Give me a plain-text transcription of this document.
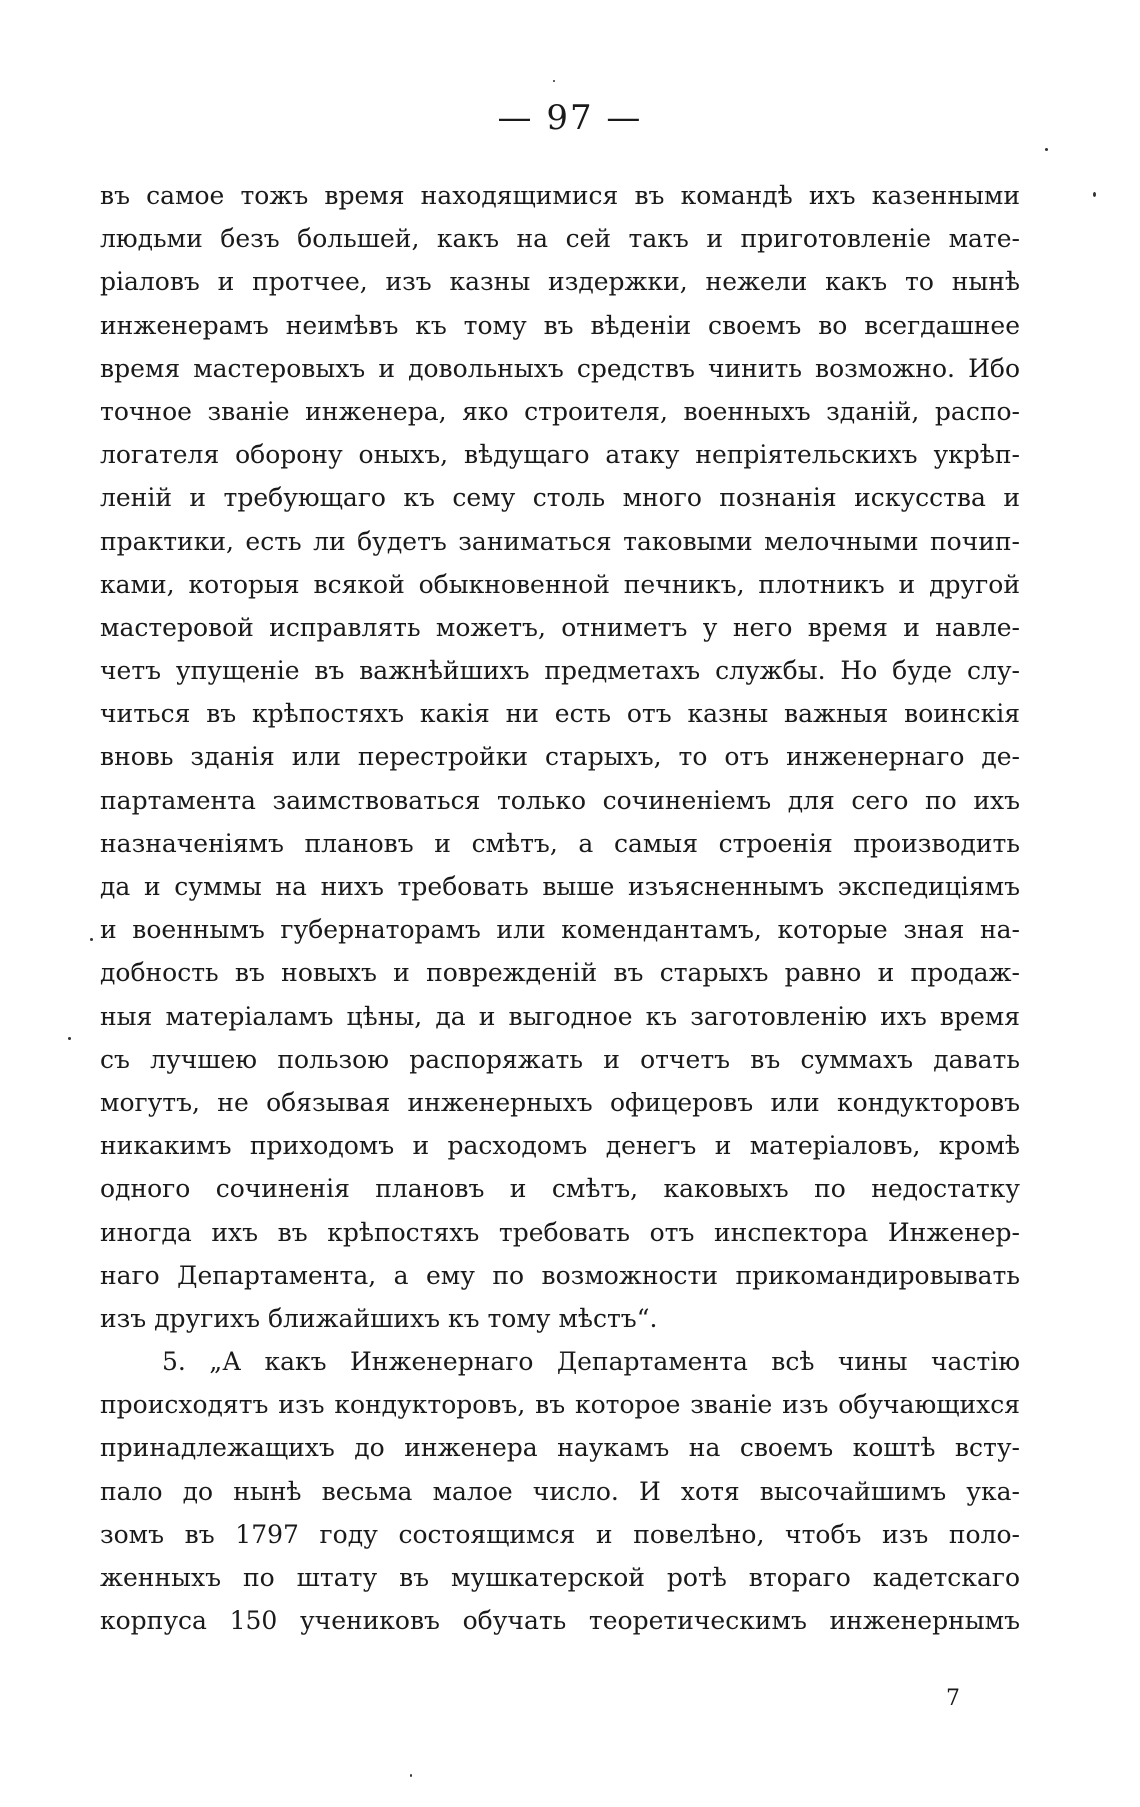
— 97 —
въ самое тожъ время находящимися въ командѣ ихъ казенными
людьми безъ большей, какъ на сей такъ и приготовленіе мате-
ріаловъ и протчее, изъ казны издержки, нежели какъ то нынѣ
инженерамъ неимѣвъ къ тому въ вѣденіи своемъ во всегдашнее
время мастеровыхъ и довольныхъ средствъ чинить возможно. Ибо
точное званіе инженера, яко строителя, военныхъ зданій, распо-
логателя оборону оныхъ, вѣдущаго атаку непріятельскихъ укрѣп-
леній и требующаго къ сему столь много познанія искусства и
практики, есть ли будетъ заниматься таковыми мелочными почип-
ками, которыя всякой обыкновенной печникъ, плотникъ и другой
мастеровой исправлять можетъ, отниметъ у него время и навле-
четъ упущеніе въ важнѣйшихъ предметахъ службы. Но буде слу-
читься въ крѣпостяхъ какія ни есть отъ казны важныя воинскія
вновь зданія или перестройки старыхъ, то отъ инженернаго де-
партамента заимствоваться только сочиненіемъ для сего по ихъ
назначеніямъ плановъ и смѣтъ, а самыя строенія производить
да и суммы на нихъ требовать выше изъясненнымъ экспедиціямъ
и военнымъ губернаторамъ или комендантамъ, которые зная на-
добность въ новыхъ и поврежденій въ старыхъ равно и продаж-
ныя матеріаламъ цѣны, да и выгодное къ заготовленію ихъ время
съ лучшею пользою распоряжать и отчетъ въ суммахъ давать
могутъ, не обязывая инженерныхъ офицеровъ или кондукторовъ
никакимъ приходомъ и расходомъ денегъ и матеріаловъ, кромѣ
одного сочиненія плановъ и смѣтъ, каковыхъ по недостатку
иногда ихъ въ крѣпостяхъ требовать отъ инспектора Инженер-
наго Департамента, а ему по возможности прикомандировывать
изъ другихъ ближайшихъ къ тому мѣстъ“.
5. „А какъ Инженернаго Департамента всѣ чины частію
происходятъ изъ кондукторовъ, въ которое званіе изъ обучающихся
принадлежащихъ до инженера наукамъ на своемъ коштѣ всту-
пало до нынѣ весьма малое число. И хотя высочайшимъ ука-
зомъ въ 1797 году состоящимся и повелѣно, чтобъ изъ поло-
женныхъ по штату въ мушкатерской ротѣ втораго кадетскаго
корпуса 150 учениковъ обучать теоретическимъ инженернымъ
7
